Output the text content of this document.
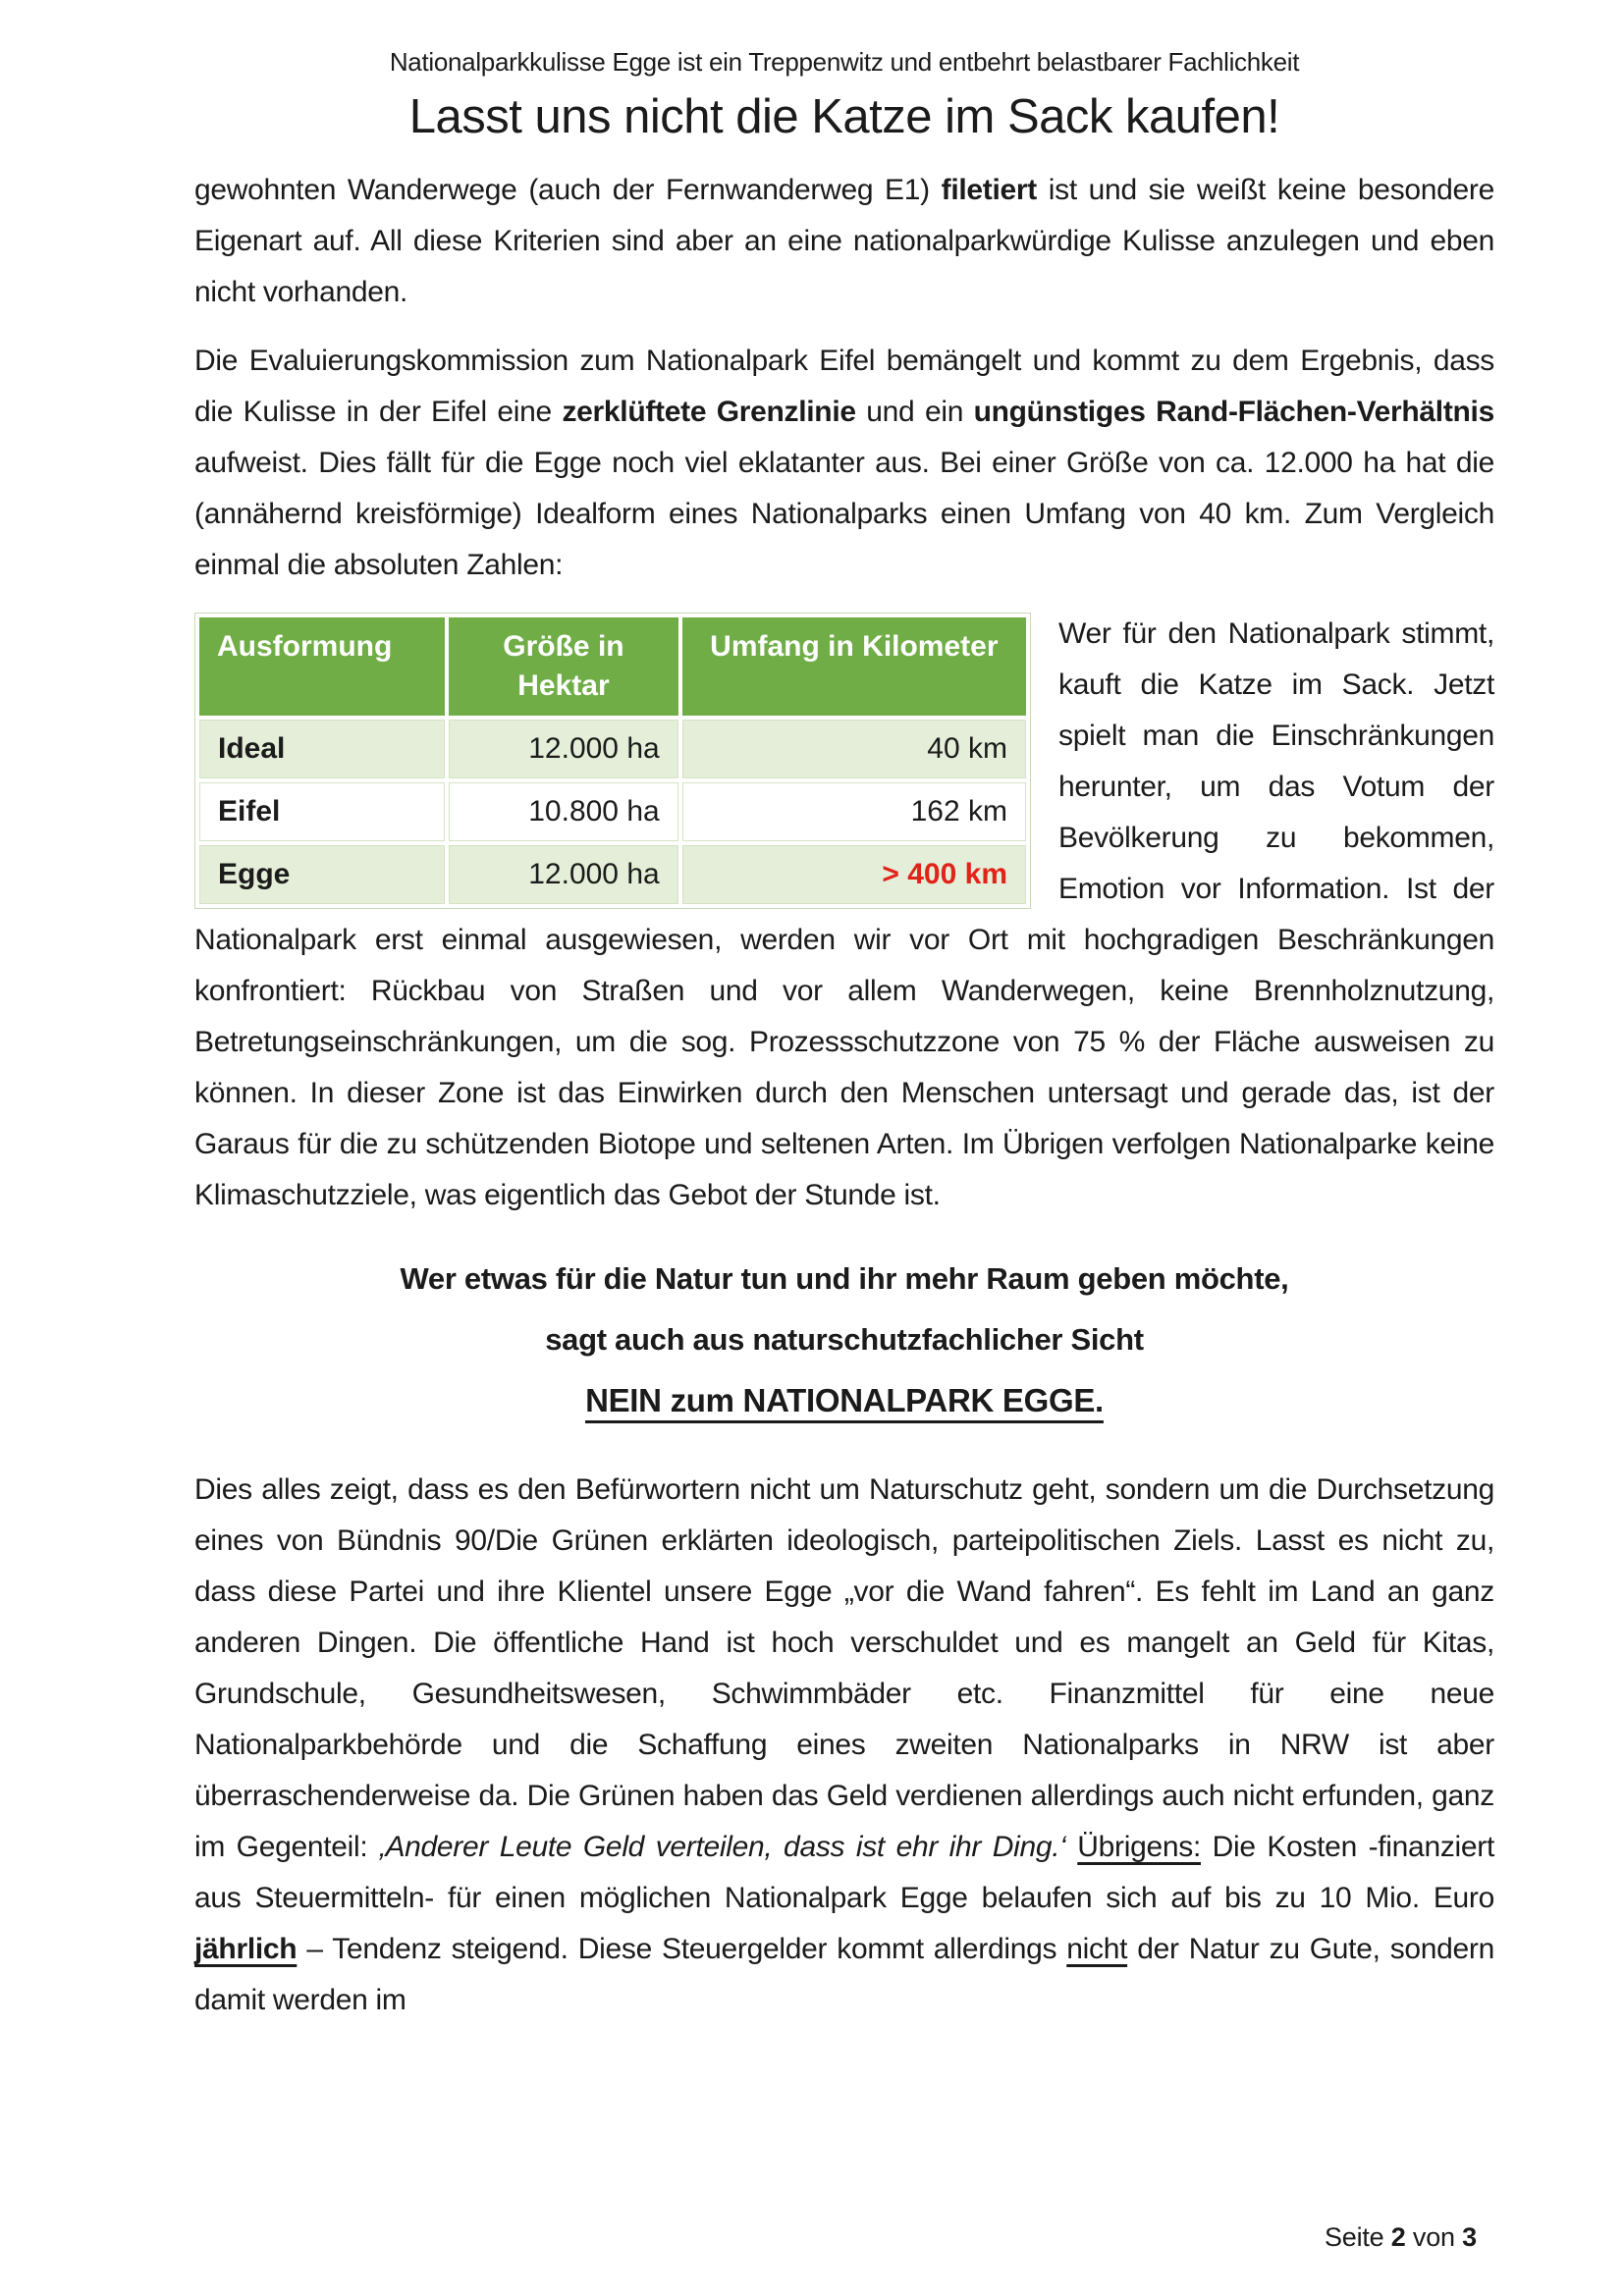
Nationalparkkulisse Egge ist ein Treppenwitz und entbehrt belastbarer Fachlichkeit
Lasst uns nicht die Katze im Sack kaufen!

gewohnten Wanderwege (auch der Fernwanderweg E1) filetiert ist und sie weißt keine besondere Eigenart auf. All diese Kriterien sind aber an eine nationalparkwürdige Kulisse anzulegen und eben nicht vorhanden.

Die Evaluierungskommission zum Nationalpark Eifel bemängelt und kommt zu dem Ergebnis, dass die Kulisse in der Eifel eine zerklüftete Grenzlinie und ein ungünstiges Rand-Flächen-Verhältnis aufweist. Dies fällt für die Egge noch viel eklatanter aus. Bei einer Größe von ca. 12.000 ha hat die (annähernd kreisförmige) Idealform eines Nationalparks einen Umfang von 40 km. Zum Vergleich einmal die absoluten Zahlen:

Ausformung	Größe in Hektar	Umfang in Kilometer
Ideal	12.000 ha	40 km
Eifel	10.800 ha	162 km
Egge	12.000 ha	> 400 km

Wer für den Nationalpark stimmt, kauft die Katze im Sack. Jetzt spielt man die Einschränkungen herunter, um das Votum der Bevölkerung zu bekommen, Emotion vor Information. Ist der Nationalpark erst einmal ausgewiesen, werden wir vor Ort mit hochgradigen Beschränkungen konfrontiert: Rückbau von Straßen und vor allem Wanderwegen, keine Brennholznutzung, Betretungseinschränkungen, um die sog. Prozessschutzzone von 75 % der Fläche ausweisen zu können. In dieser Zone ist das Einwirken durch den Menschen untersagt und gerade das, ist der Garaus für die zu schützenden Biotope und seltenen Arten. Im Übrigen verfolgen Nationalparke keine Klimaschutzziele, was eigentlich das Gebot der Stunde ist.

Wer etwas für die Natur tun und ihr mehr Raum geben möchte,
sagt auch aus naturschutzfachlicher Sicht
NEIN zum NATIONALPARK EGGE.

Dies alles zeigt, dass es den Befürwortern nicht um Naturschutz geht, sondern um die Durchsetzung eines von Bündnis 90/Die Grünen erklärten ideologisch, parteipolitischen Ziels. Lasst es nicht zu, dass diese Partei und ihre Klientel unsere Egge „vor die Wand fahren“. Es fehlt im Land an ganz anderen Dingen. Die öffentliche Hand ist hoch verschuldet und es mangelt an Geld für Kitas, Grundschule, Gesundheitswesen, Schwimmbäder etc. Finanzmittel für eine neue Nationalparkbehörde und die Schaffung eines zweiten Nationalparks in NRW ist aber überraschenderweise da. Die Grünen haben das Geld verdienen allerdings auch nicht erfunden, ganz im Gegenteil: ‚Anderer Leute Geld verteilen, dass ist ehr ihr Ding.‘ Übrigens: Die Kosten -finanziert aus Steuermitteln- für einen möglichen Nationalpark Egge belaufen sich auf bis zu 10 Mio. Euro jährlich – Tendenz steigend. Diese Steuergelder kommt allerdings nicht der Natur zu Gute, sondern damit werden im

Seite 2 von 3
